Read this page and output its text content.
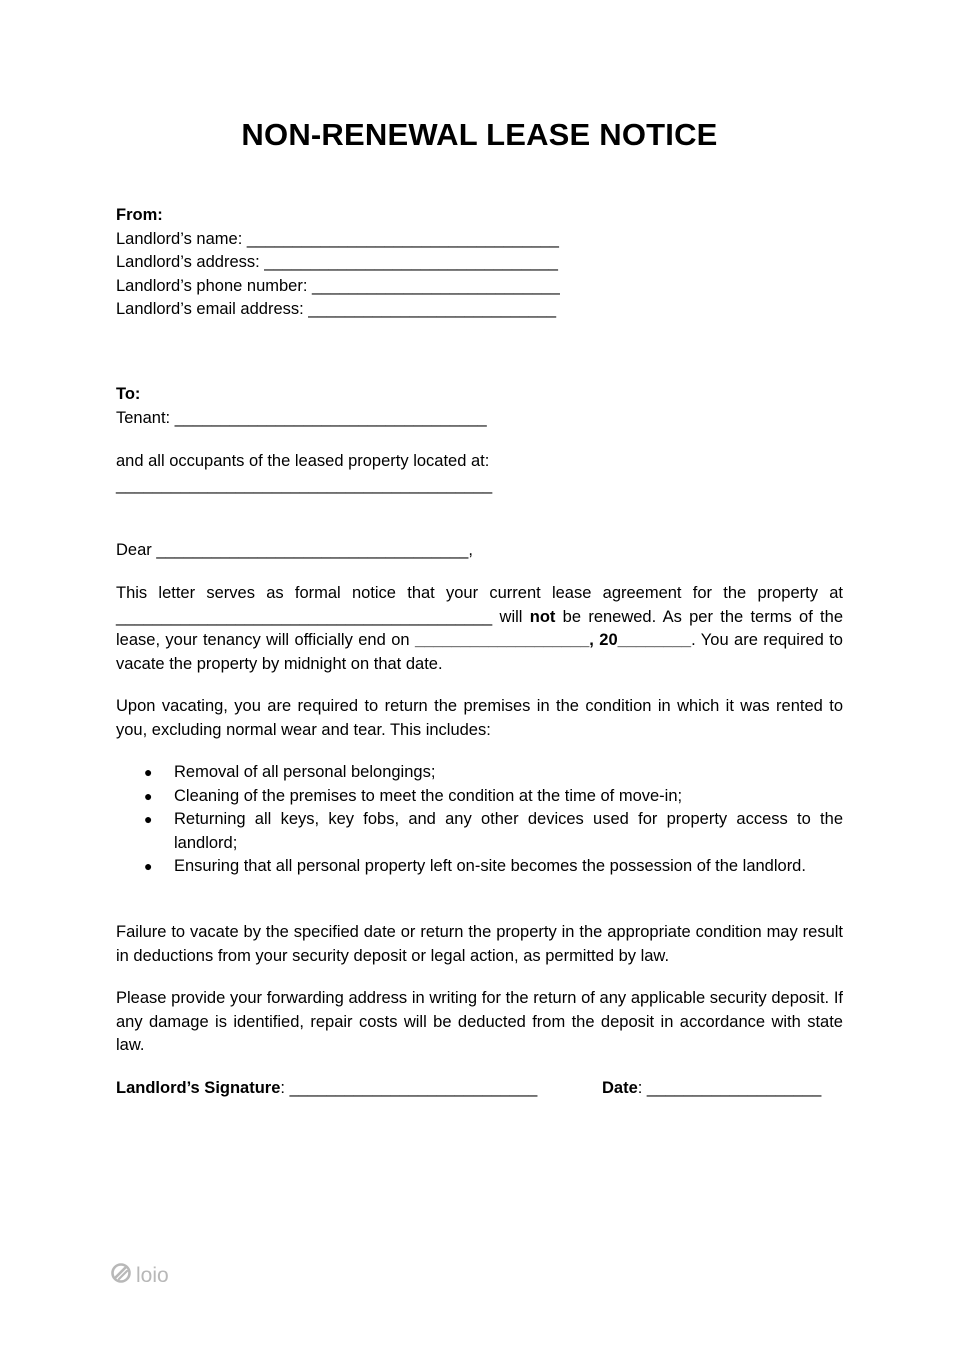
NON-RENEWAL LEASE NOTICE
From:
Landlord’s name: __________________________________
Landlord’s address: ________________________________
Landlord’s phone number: ___________________________
Landlord’s email address: ___________________________
To:
Tenant: __________________________________
and all occupants of the leased property located at:
_________________________________________
Dear __________________________________,
This letter serves as formal notice that your current lease agreement for the property at _________________________________________ will not be renewed. As per the terms of the lease, your tenancy will officially end on ___________________, 20________. You are required to vacate the property by midnight on that date.
Upon vacating, you are required to return the premises in the condition in which it was rented to you, excluding normal wear and tear. This includes:
● Removal of all personal belongings;
● Cleaning of the premises to meet the condition at the time of move-in;
● Returning all keys, key fobs, and any other devices used for property access to the landlord;
● Ensuring that all personal property left on-site becomes the possession of the landlord.
Failure to vacate by the specified date or return the property in the appropriate condition may result in deductions from your security deposit or legal action, as permitted by law.
Please provide your forwarding address in writing for the return of any applicable security deposit. If any damage is identified, repair costs will be deducted from the deposit in accordance with state law.
Landlord’s Signature: ___________________________	Date: ___________________
loio
